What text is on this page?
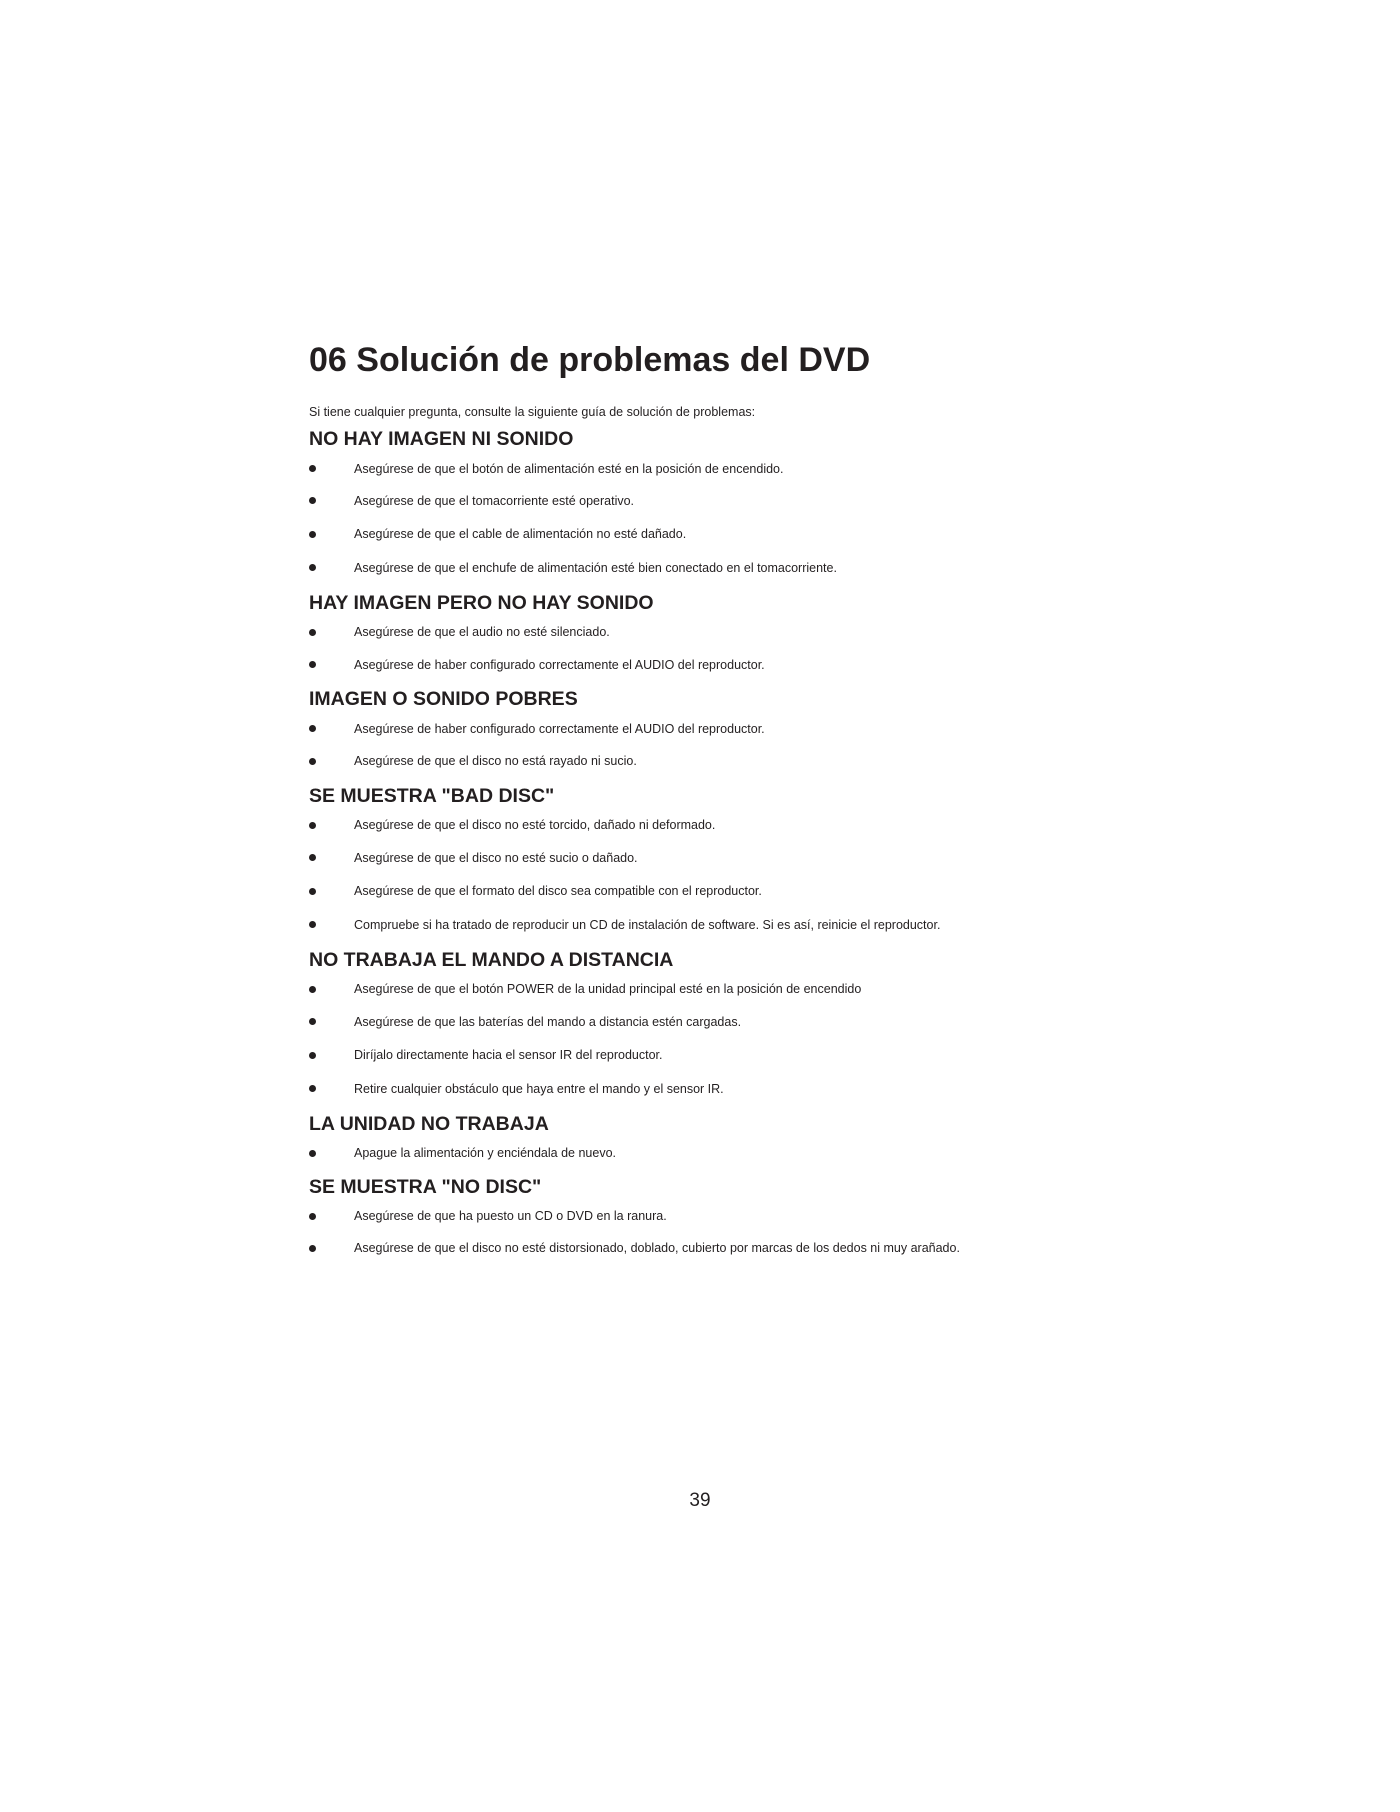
06 Solución de problemas del DVD
Si tiene cualquier pregunta, consulte la siguiente guía de solución de problemas:
NO HAY IMAGEN NI SONIDO
Asegúrese de que el botón de alimentación esté en la posición de encendido.
Asegúrese de que el tomacorriente esté operativo.
Asegúrese de que el cable de alimentación no esté dañado.
Asegúrese de que el enchufe de alimentación esté bien conectado en el tomacorriente.
HAY IMAGEN PERO NO HAY SONIDO
Asegúrese de que el audio no esté silenciado.
Asegúrese de haber configurado correctamente el AUDIO del reproductor.
IMAGEN O SONIDO POBRES
Asegúrese de haber configurado correctamente el AUDIO del reproductor.
Asegúrese de que el disco no está rayado ni sucio.
SE MUESTRA "BAD DISC"
Asegúrese de que el disco no esté torcido, dañado ni deformado.
Asegúrese de que el disco no esté sucio o dañado.
Asegúrese de que el formato del disco sea compatible con el reproductor.
Compruebe si ha tratado de reproducir un CD de instalación de software. Si es así, reinicie el reproductor.
NO TRABAJA EL MANDO A DISTANCIA
Asegúrese de que el botón POWER de la unidad principal esté en la posición de encendido
Asegúrese de que las baterías del mando a distancia estén cargadas.
Diríjalo directamente hacia el sensor IR del reproductor.
Retire cualquier obstáculo que haya entre el mando y el sensor IR.
LA UNIDAD NO TRABAJA
Apague la alimentación y enciéndala de nuevo.
SE MUESTRA "NO DISC"
Asegúrese de que ha puesto un CD o DVD en la ranura.
Asegúrese de que el disco no esté distorsionado, doblado, cubierto por marcas de los dedos ni muy arañado.
39
